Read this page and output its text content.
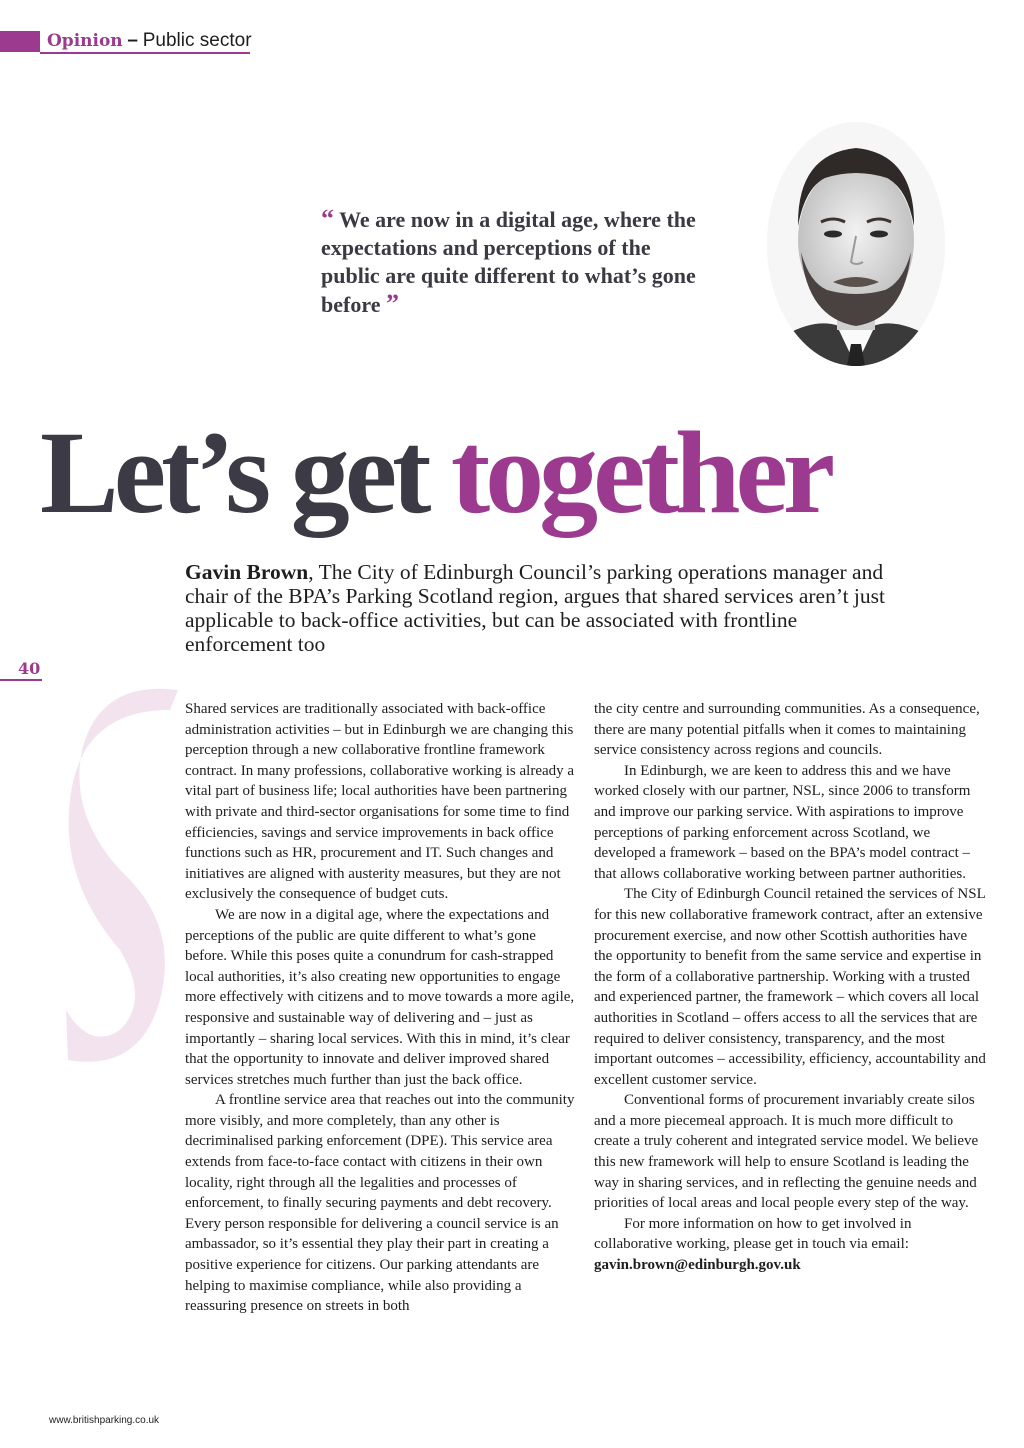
Opinion – Public sector
“ We are now in a digital age, where the expectations and perceptions of the public are quite different to what’s gone before ”
Let’s get together
Gavin Brown, The City of Edinburgh Council’s parking operations manager and chair of the BPA’s Parking Scotland region, argues that shared services aren’t just applicable to back-office activities, but can be associated with frontline enforcement too
40

Shared services are traditionally associated with back-office administration activities – but in Edinburgh we are changing this perception through a new collaborative frontline framework contract. In many professions, collaborative working is already a vital part of business life; local authorities have been partnering with private and third-sector organisations for some time to find efficiencies, savings and service improvements in back office functions such as HR, procurement and IT. Such changes and initiatives are aligned with austerity measures, but they are not exclusively the consequence of budget cuts.

We are now in a digital age, where the expectations and perceptions of the public are quite different to what’s gone before. While this poses quite a conundrum for cash-strapped local authorities, it’s also creating new opportunities to engage more effectively with citizens and to move towards a more agile, responsive and sustainable way of delivering and – just as importantly – sharing local services. With this in mind, it’s clear that the opportunity to innovate and deliver improved shared services stretches much further than just the back office.

A frontline service area that reaches out into the community more visibly, and more completely, than any other is decriminalised parking enforcement (DPE). This service area extends from face-to-face contact with citizens in their own locality, right through all the legalities and processes of enforcement, to finally securing payments and debt recovery. Every person responsible for delivering a council service is an ambassador, so it’s essential they play their part in creating a positive experience for citizens. Our parking attendants are helping to maximise compliance, while also providing a reassuring presence on streets in both

the city centre and surrounding communities. As a consequence, there are many potential pitfalls when it comes to maintaining service consistency across regions and councils.

In Edinburgh, we are keen to address this and we have worked closely with our partner, NSL, since 2006 to transform and improve our parking service. With aspirations to improve perceptions of parking enforcement across Scotland, we developed a framework – based on the BPA’s model contract – that allows collaborative working between partner authorities.

The City of Edinburgh Council retained the services of NSL for this new collaborative framework contract, after an extensive procurement exercise, and now other Scottish authorities have the opportunity to benefit from the same service and expertise in the form of a collaborative partnership. Working with a trusted and experienced partner, the framework – which covers all local authorities in Scotland – offers access to all the services that are required to deliver consistency, transparency, and the most important outcomes – accessibility, efficiency, accountability and excellent customer service.

Conventional forms of procurement invariably create silos and a more piecemeal approach. It is much more difficult to create a truly coherent and integrated service model. We believe this new framework will help to ensure Scotland is leading the way in sharing services, and in reflecting the genuine needs and priorities of local areas and local people every step of the way.

For more information on how to get involved in collaborative working, please get in touch via email:

gavin.brown@edinburgh.gov.uk

www.britishparking.co.uk
